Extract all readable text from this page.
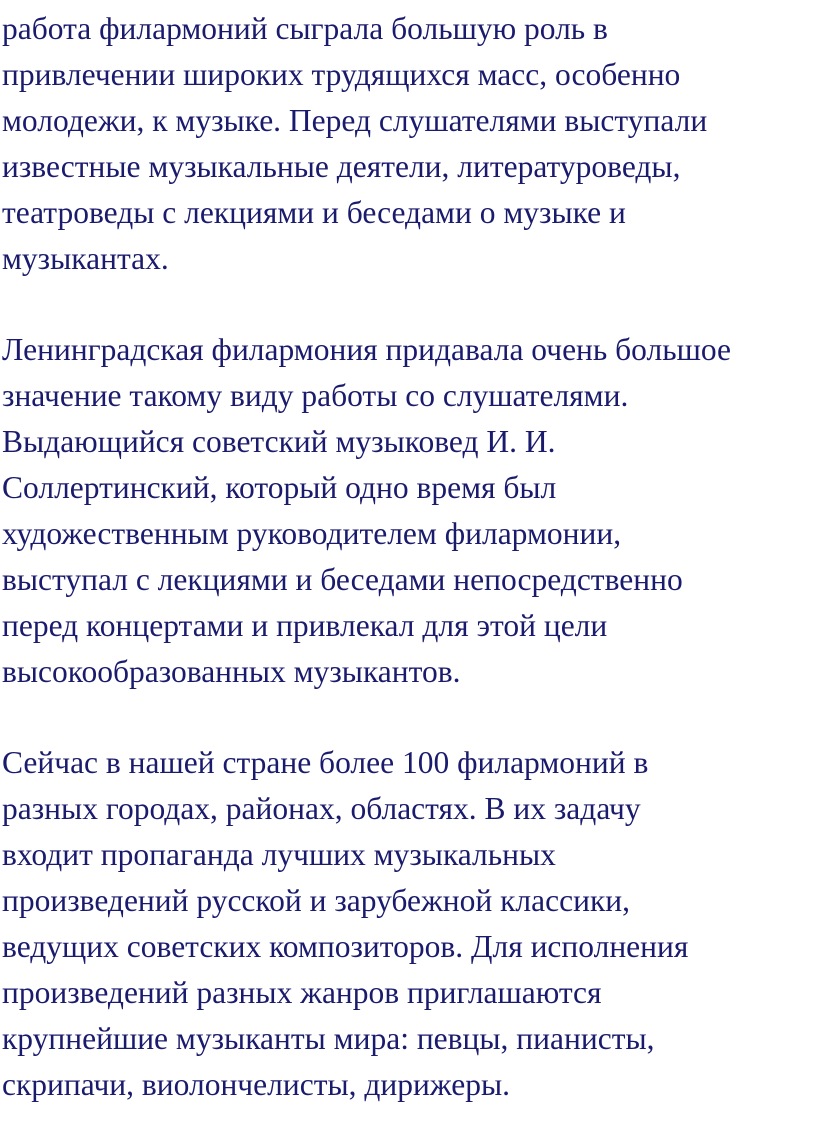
работа филармоний сыграла большую роль в
привлечении широких трудящихся масс, особенно
молодежи, к музыке. Перед слушателями выступали
известные музыкальные деятели, литературоведы,
театроведы с лекциями и беседами о музыке и
музыкантах.

Ленинградская филармония придавала очень большое
значение такому виду работы со слушателями.
Выдающийся советский музыковед И. И.
Соллертинский, который одно время был
художественным руководителем филармонии,
выступал с лекциями и беседами непосредственно
перед концертами и привлекал для этой цели
высокообразованных музыкантов.

Сейчас в нашей стране более 100 филармоний в
разных городах, районах, областях. В их задачу
входит пропаганда лучших музыкальных
произведений русской и зарубежной классики,
ведущих советских композиторов. Для исполнения
произведений разных жанров приглашаются
крупнейшие музыканты мира: певцы, пианисты,
скрипачи, виолончелисты, дирижеры.
